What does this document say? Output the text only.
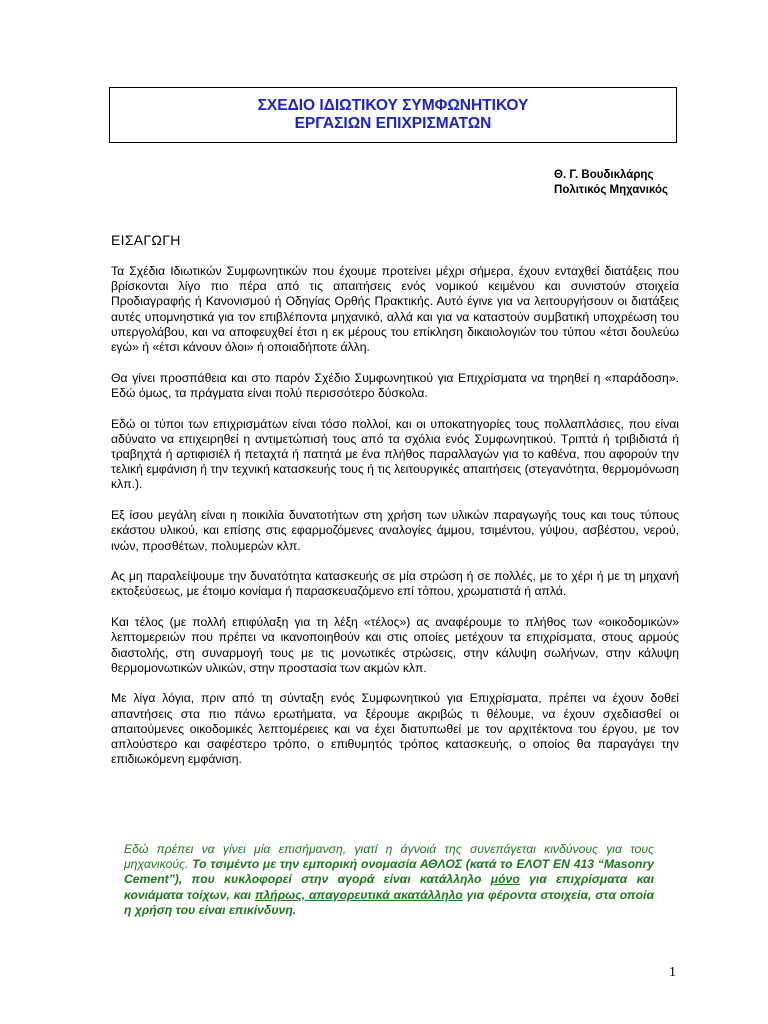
ΣΧΕΔΙΟ ΙΔΙΩΤΙΚΟΥ ΣΥΜΦΩΝΗΤΙΚΟΥ
ΕΡΓΑΣΙΩΝ ΕΠΙΧΡΙΣΜΑΤΩΝ
Θ. Γ. Βουδικλάρης
Πολιτικός Μηχανικός
ΕΙΣΑΓΩΓΗ

Τα Σχέδια Ιδιωτικών Συμφωνητικών που έχουμε προτείνει μέχρι σήμερα, έχουν ενταχθεί διατάξεις που βρίσκονται λίγο πιο πέρα από τις απαιτήσεις ενός νομικού κειμένου και συνιστούν στοιχεία Προδιαγραφής ή Κανονισμού ή Οδηγίας Ορθής Πρακτικής. Αυτό έγινε για να λειτουργήσουν οι διατάξεις αυτές υπομνηστικά για τον επιβλέποντα μηχανικό, αλλά και για να καταστούν συμβατική υποχρέωση του υπεργολάβου, και να αποφευχθεί έτσι η εκ μέρους του επίκληση δικαιολογιών του τύπου «έτσι δουλεύω εγώ» ή «έτσι κάνουν όλοι» ή οποιαδήποτε άλλη.

Θα γίνει προσπάθεια και στο παρόν Σχέδιο Συμφωνητικού για Επιχρίσματα να τηρηθεί η «παράδοση». Εδώ όμως, τα πράγματα είναι πολύ περισσότερο δύσκολα.

Εδώ οι τύποι των επιχρισμάτων είναι τόσο πολλοί, και οι υποκατηγορίες τους πολλαπλάσιες, που είναι αδύνατο να επιχειρηθεί η αντιμετώπισή τους από τα σχόλια ενός Συμφωνητικού. Τριπτά ή τριβιδιστά ή τραβηχτά ή αρτιφισιέλ ή πεταχτά ή πατητά με ένα πλήθος παραλλαγών για το καθένα, που αφορούν την τελική εμφάνιση ή την τεχνική κατασκευής τους ή τις λειτουργικές απαιτήσεις (στεγανότητα, θερμομόνωση κλπ.).

Εξ ίσου μεγάλη είναι η ποικιλία δυνατοτήτων στη χρήση των υλικών παραγωγής τους και τους τύπους εκάστου υλικού, και επίσης στις εφαρμοζόμενες αναλογίες άμμου, τσιμέντου, γύψου, ασβέστου, νερού, ινών, προσθέτων, πολυμερών κλπ.

Ας μη παραλείψουμε την δυνατότητα κατασκευής σε μία στρώση ή σε πολλές, με το χέρι ή με τη μηχανή εκτοξεύσεως, με έτοιμο κονίαμα ή παρασκευαζόμενο επί τόπου, χρωματιστά ή απλά.

Και τέλος (με πολλή επιφύλαξη για τη λέξη «τέλος») ας αναφέρουμε το πλήθος των «οικοδομικών» λεπτομερειών που πρέπει να ικανοποιηθούν και στις οποίες μετέχουν τα επιχρίσματα, στους αρμούς διαστολής, στη συναρμογή τους με τις μονωτικές στρώσεις, στην κάλυψη σωλήνων, στην κάλυψη θερμομονωτικών υλικών, στην προστασία των ακμών κλπ.

Με λίγα λόγια, πριν από τη σύνταξη ενός Συμφωνητικού για Επιχρίσματα, πρέπει να έχουν δοθεί απαντήσεις στα πιο πάνω ερωτήματα, να ξέρουμε ακριβώς τι θέλουμε, να έχουν σχεδιασθεί οι απαιτούμενες οικοδομικές λεπτομέρειες και να έχει διατυπωθεί με τον αρχιτέκτονα του έργου, με τον απλούστερο και σαφέστερο τρόπο, ο επιθυμητός τρόπος κατασκευής, ο οποίος θα παραγάγει την επιδιωκόμενη εμφάνιση.

Εδώ πρέπει να γίνει μία επισήμανση, γιατί η άγνοιά της συνεπάγεται κινδύνους για τους μηχανικούς. Το τσιμέντο με την εμπορική ονομασία ΑΘΛΟΣ (κατά το ΕΛΟΤ ΕΝ 413 “Masonry Cement”), που κυκλοφορεί στην αγορά είναι κατάλληλο μόνο για επιχρίσματα και κονιάματα τοίχων, και πλήρως, απαγορευτικά ακατάλληλο για φέροντα στοιχεία, στα οποία η χρήση του είναι επικίνδυνη.
1
